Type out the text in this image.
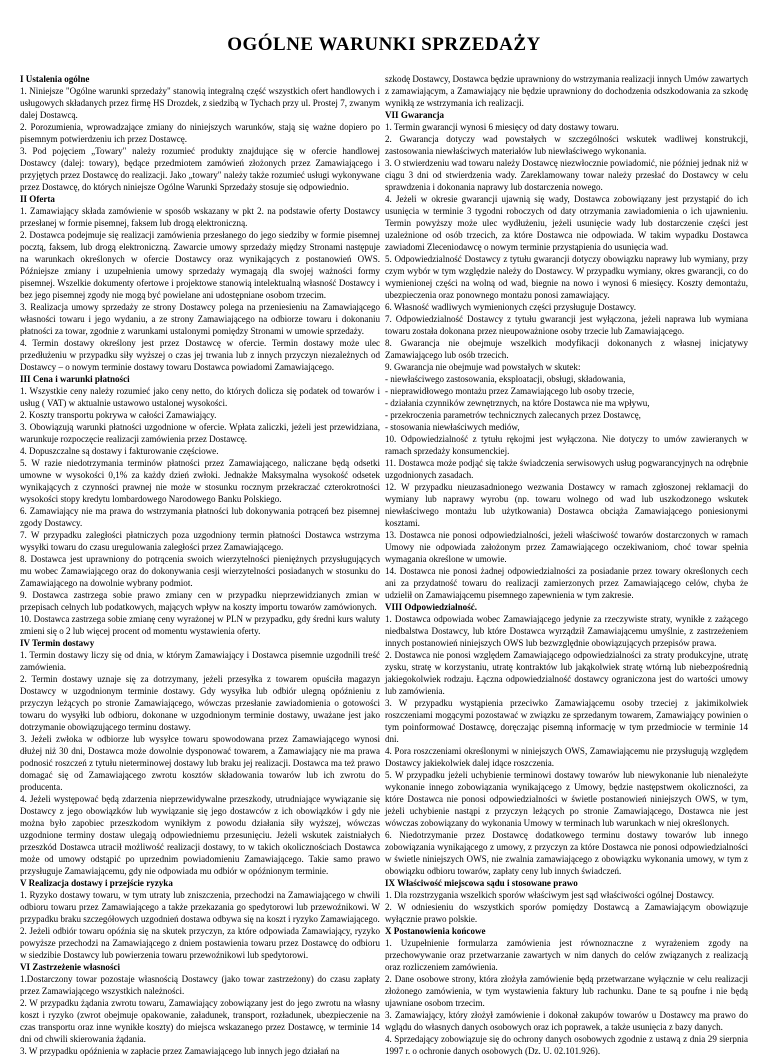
OGÓLNE WARUNKI SPRZEDAŻY

I Ustalenia ogólne

1. Niniejsze "Ogólne warunki sprzedaży" stanowią integralną część wszystkich ofert handlowych i usługowych składanych przez firmę HS Drozdek, z siedzibą w Tychach przy ul. Prostej 7, zwanym dalej Dostawcą.

2. Porozumienia, wprowadzające zmiany do niniejszych warunków, stają się ważne dopiero po pisemnym potwierdzeniu ich przez Dostawcę.

3. Pod pojęciem „Towary" należy rozumieć produkty znajdujące się w ofercie handlowej Dostawcy (dalej: towary), będące przedmiotem zamówień złożonych przez Zamawiającego i przyjętych przez Dostawcę do realizacji. Jako „towary" należy także rozumieć usługi wykonywane przez Dostawcę, do których niniejsze Ogólne Warunki Sprzedaży stosuje się odpowiednio.

II Oferta

1. Zamawiający składa zamówienie w sposób wskazany w pkt 2. na podstawie oferty Dostawcy przesłanej w formie pisemnej, faksem lub drogą elektroniczną.

2. Dostawca podejmuje się realizacji zamówienia przesłanego do jego siedziby w formie pisemnej pocztą, faksem, lub drogą elektroniczną. Zawarcie umowy sprzedaży między Stronami następuje na warunkach określonych w ofercie Dostawcy oraz wynikających z postanowień OWS. Późniejsze zmiany i uzupełnienia umowy sprzedaży wymagają dla swojej ważności formy pisemnej. Wszelkie dokumenty ofertowe i projektowe stanowią intelektualną własność Dostawcy i bez jego pisemnej zgody nie mogą być powielane ani udostępniane osobom trzecim.

3. Realizacja umowy sprzedaży ze strony Dostawcy polega na przeniesieniu na Zamawiającego własności towaru i jego wydaniu, a ze strony Zamawiającego na odbiorze towaru i dokonaniu płatności za towar, zgodnie z warunkami ustalonymi pomiędzy Stronami w umowie sprzedaży.

4. Termin dostawy określony jest przez Dostawcę w ofercie. Termin dostawy może ulec przedłużeniu w przypadku siły wyższej o czas jej trwania lub z innych przyczyn niezależnych od Dostawcy – o nowym terminie dostawy towaru Dostawca powiadomi Zamawiającego.

III Cena i warunki płatności

1. Wszystkie ceny należy rozumieć jako ceny netto, do których dolicza się podatek od towarów i usług ( VAT) w aktualnie ustawowo ustalonej wysokości.

2. Koszty transportu pokrywa w całości Zamawiający.

3. Obowiązują warunki płatności uzgodnione w ofercie. Wpłata zaliczki, jeżeli jest przewidziana, warunkuje rozpoczęcie realizacji zamówienia przez Dostawcę.

4. Dopuszczalne są dostawy i fakturowanie częściowe.

5. W razie niedotrzymania terminów płatności przez Zamawiającego, naliczane będą odsetki umowne w wysokości 0,1% za każdy dzień zwłoki. Jednakże Maksymalna wysokość odsetek wynikających z czynności prawnej nie może w stosunku rocznym przekraczać czterokrotności wysokości stopy kredytu lombardowego Narodowego Banku Polskiego.

6. Zamawiający nie ma prawa do wstrzymania płatności lub dokonywania potrąceń bez pisemnej zgody Dostawcy.

7. W przypadku zaległości płatniczych poza uzgodniony termin płatności Dostawca wstrzyma wysyłki towaru do czasu uregulowania zaległości przez Zamawiającego.

8. Dostawca jest uprawniony do potrącenia swoich wierzytelności pieniężnych przysługujących mu wobec Zamawiającego oraz do dokonywania cesji wierzytelności posiadanych w stosunku do Zamawiającego na dowolnie wybrany podmiot.

9. Dostawca zastrzega sobie prawo zmiany cen w przypadku nieprzewidzianych zmian w przepisach celnych lub podatkowych, mających wpływ na koszty importu towarów zamówionych.

10. Dostawca zastrzega sobie zmianę ceny wyrażonej w PLN w przypadku, gdy średni kurs waluty zmieni się o 2 lub więcej procent od momentu wystawienia oferty.

IV Termin dostawy

1. Termin dostawy liczy się od dnia, w którym Zamawiający i Dostawca pisemnie uzgodnili treść zamówienia.

2. Termin dostawy uznaje się za dotrzymany, jeżeli przesyłka z towarem opuściła magazyn Dostawcy w uzgodnionym terminie dostawy. Gdy wysyłka lub odbiór ulegną opóźnieniu z przyczyn leżących po stronie Zamawiającego, wówczas przesłanie zawiadomienia o gotowości towaru do wysyłki lub odbioru, dokonane w uzgodnionym terminie dostawy, uważane jest jako dotrzymanie obowiązującego terminu dostawy.

3. Jeżeli zwłoka w odbiorze lub wysyłce towaru spowodowana przez Zamawiającego wynosi dłużej niż 30 dni, Dostawca może dowolnie dysponować towarem, a Zamawiający nie ma prawa podnosić roszczeń z tytułu nieterminowej dostawy lub braku jej realizacji. Dostawca ma też prawo domagać się od Zamawiającego zwrotu kosztów składowania towarów lub ich zwrotu do producenta.

4. Jeżeli występować będą zdarzenia nieprzewidywalne przeszkody, utrudniające wywiązanie się Dostawcy z jego obowiązków lub wywiązanie się jego dostawców z ich obowiązków i gdy nie można było zapobiec przeszkodom wynikłym z powodu działania siły wyższej, wówczas uzgodnione terminy dostaw ulegają odpowiedniemu przesunięciu. Jeżeli wskutek zaistniałych przeszkód Dostawca utracił możliwość realizacji dostawy, to w takich okolicznościach Dostawca może od umowy odstąpić po uprzednim powiadomieniu Zamawiającego. Takie samo prawo przysługuje Zamawiającemu, gdy nie odpowiada mu odbiór w opóźnionym terminie.

V Realizacja dostawy i przejście ryzyka

1. Ryzyko dostawy towaru, w tym utraty lub zniszczenia, przechodzi na Zamawiającego w chwili odbioru towaru przez Zamawiającego a także przekazania go spedytorowi lub przewoźnikowi. W przypadku braku szczegółowych uzgodnień dostawa odbywa się na koszt i ryzyko Zamawiającego.

2. Jeżeli odbiór towaru opóźnia się na skutek przyczyn, za które odpowiada Zamawiający, ryzyko powyższe przechodzi na Zamawiającego z dniem postawienia towaru przez Dostawcę do odbioru w siedzibie Dostawcy lub powierzenia towaru przewoźnikowi lub spedytorowi.

VI Zastrzeżenie własności

1.Dostarczony towar pozostaje własnością Dostawcy (jako towar zastrzeżony) do czasu zapłaty przez Zamawiającego wszystkich należności.

2. W przypadku żądania zwrotu towaru, Zamawiający zobowiązany jest do jego zwrotu na własny koszt i ryzyko (zwrot obejmuje opakowanie, załadunek, transport, rozładunek, ubezpieczenie na czas transportu oraz inne wynikłe koszty) do miejsca wskazanego przez Dostawcę, w terminie 14 dni od chwili skierowania żądania.

3. W przypadku opóźnienia w zapłacie przez Zamawiającego lub innych jego działań na

szkodę Dostawcy, Dostawca będzie uprawniony do wstrzymania realizacji innych Umów zawartych z zamawiającym, a Zamawiający nie będzie uprawniony do dochodzenia odszkodowania za szkodę wynikłą ze wstrzymania ich realizacji.

VII Gwarancja

1. Termin gwarancji wynosi 6 miesięcy od daty dostawy towaru.

2. Gwarancja dotyczy wad powstałych w szczególności wskutek wadliwej konstrukcji, zastosowania niewłaściwych materiałów lub niewłaściwego wykonania.

3. O stwierdzeniu wad towaru należy Dostawcę niezwłocznie powiadomić, nie później jednak niż w ciągu 3 dni od stwierdzenia wady. Zareklamowany towar należy przesłać do Dostawcy w celu sprawdzenia i dokonania naprawy lub dostarczenia nowego.

4. Jeżeli w okresie gwarancji ujawnią się wady, Dostawca zobowiązany jest przystąpić do ich usunięcia w terminie 3 tygodni roboczych od daty otrzymania zawiadomienia o ich ujawnieniu. Termin powyższy może ulec wydłużeniu, jeżeli usunięcie wady lub dostarczenie części jest uzależnione od osób trzecich, za które Dostawca nie odpowiada. W takim wypadku Dostawca zawiadomi Zleceniodawcę o nowym terminie przystąpienia do usunięcia wad.

5. Odpowiedzialność Dostawcy z tytułu gwarancji dotyczy obowiązku naprawy lub wymiany, przy czym wybór w tym względzie należy do Dostawcy. W przypadku wymiany, okres gwarancji, co do wymienionej części na wolną od wad, biegnie na nowo i wynosi 6 miesięcy. Koszty demontażu, ubezpieczenia oraz ponownego montażu ponosi zamawiający.

6. Własność wadliwych wymienionych części przysługuje Dostawcy.

7. Odpowiedzialność Dostawcy z tytułu gwarancji jest wyłączona, jeżeli naprawa lub wymiana towaru została dokonana przez nieupoważnione osoby trzecie lub Zamawiającego.

8. Gwarancja nie obejmuje wszelkich modyfikacji dokonanych z własnej inicjatywy Zamawiającego lub osób trzecich.

9. Gwarancja nie obejmuje wad powstałych w skutek:

- niewłaściwego zastosowania, eksploatacji, obsługi, składowania,

- nieprawidłowego montażu przez Zamawiającego lub osoby trzecie,

- działania czynników zewnętrznych, na które Dostawca nie ma wpływu,

- przekroczenia parametrów technicznych zalecanych przez Dostawcę,

- stosowania niewłaściwych mediów,

10. Odpowiedzialność z tytułu rękojmi jest wyłączona. Nie dotyczy to umów zawieranych w ramach sprzedaży konsumenckiej.

11. Dostawca może podjąć się także świadczenia serwisowych usług pogwarancyjnych na odrębnie uzgodnionych zasadach.

12. W przypadku nieuzasadnionego wezwania Dostawcy w ramach zgłoszonej reklamacji do wymiany lub naprawy wyrobu (np. towaru wolnego od wad lub uszkodzonego wskutek niewłaściwego montażu lub użytkowania) Dostawca obciąża Zamawiającego poniesionymi kosztami.

13. Dostawca nie ponosi odpowiedzialności, jeżeli właściwość towarów dostarczonych w ramach Umowy nie odpowiada założonym przez Zamawiającego oczekiwaniom, choć towar spełnia wymagania określone w umowie.

14. Dostawca nie ponosi żadnej odpowiedzialności za posiadanie przez towary określonych cech ani za przydatność towaru do realizacji zamierzonych przez Zamawiającego celów, chyba że udzielił on Zamawiającemu pisemnego zapewnienia w tym zakresie.

VIII Odpowiedzialność.

1. Dostawca odpowiada wobec Zamawiającego jedynie za rzeczywiste straty, wynikłe z zażącego niedbalstwa Dostawcy, lub które Dostawca wyrządził Zamawiającemu umyślnie, z zastrzeżeniem innych postanowień niniejszych OWS lub bezwzględnie obowiązujących przepisów prawa.

2. Dostawca nie ponosi względem Zamawiającego odpowiedzialności za straty produkcyjne, utratę zysku, stratę w korzystaniu, utratę kontraktów lub jakąkolwiek stratę wtórną lub niebezpośrednią jakiegokolwiek rodzaju. Łączna odpowiedzialność dostawcy ograniczona jest do wartości umowy lub zamówienia.

3. W przypadku wystąpienia przeciwko Zamawiającemu osoby trzeciej z jakimikolwiek roszczeniami mogącymi pozostawać w związku ze sprzedanym towarem, Zamawiający powinien o tym poinformować Dostawcę, doręczając pisemną informację w tym przedmiocie w terminie 14 dni.

4. Pora roszczeniami określonymi w niniejszych OWS, Zamawiającemu nie przysługują względem Dostawcy jakiekolwiek dalej idące roszczenia.

5. W przypadku jeżeli uchybienie terminowi dostawy towarów lub niewykonanie lub nienależyte wykonanie innego zobowiązania wynikającego z Umowy, będzie następstwem okoliczności, za które Dostawca nie ponosi odpowiedzialności w świetle postanowień niniejszych OWS, w tym, jeżeli uchybienie nastąpi z przyczyn leżących po stronie Zamawiającego, Dostawca nie jest wówczas zobowiązany do wykonania Umowy w terminach lub warunkach w niej określonych.

6. Niedotrzymanie przez Dostawcę dodatkowego terminu dostawy towarów lub innego zobowiązania wynikającego z umowy, z przyczyn za które Dostawca nie ponosi odpowiedzialności w świetle niniejszych OWS, nie zwalnia zamawiającego z obowiązku wykonania umowy, w tym z obowiązku odbioru towarów, zapłaty ceny lub innych świadczeń.

IX Właściwość miejscowa sądu i stosowane prawo

1. Dla rozstrzygania wszelkich sporów właściwym jest sąd właściwości ogólnej Dostawcy.

2. W odniesieniu do wszystkich sporów pomiędzy Dostawcą a Zamawiającym obowiązuje wyłącznie prawo polskie.

X Postanowienia końcowe

1. Uzupełnienie formularza zamówienia jest równoznaczne z wyrażeniem zgody na przechowywanie oraz przetwarzanie zawartych w nim danych do celów związanych z realizacją oraz rozliczeniem zamówienia.

2. Dane osobowe strony, która złożyła zamówienie będą przetwarzane wyłącznie w celu realizacji złożonego zamówienia, w tym wystawienia faktury lub rachunku. Dane te są poufne i nie będą ujawniane osobom trzecim.

3. Zamawiający, który złożył zamówienie i dokonał zakupów towarów u Dostawcy ma prawo do wglądu do własnych danych osobowych oraz ich poprawek, a także usunięcia z bazy danych.

4. Sprzedający zobowiązuje się do ochrony danych osobowych zgodnie z ustawą z dnia 29 sierpnia 1997 r. o ochronie danych osobowych (Dz. U. 02.101.926).
